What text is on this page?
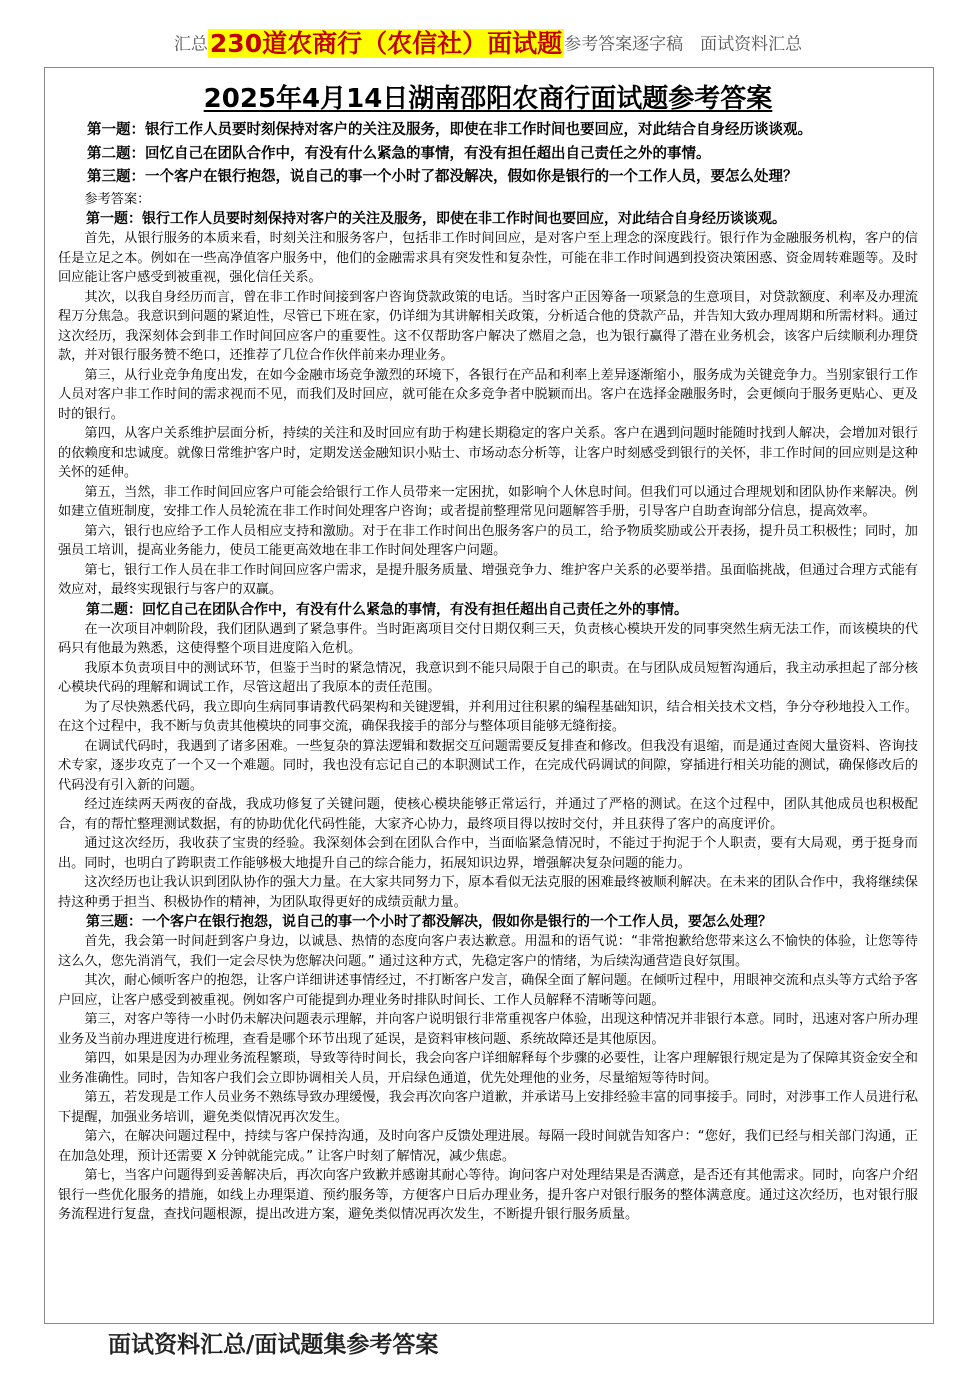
汇总230道农商行（农信社）面试题 参考答案逐字稿　面试资料汇总
2025年4月14日湖南邵阳农商行面试题参考答案

第一题：银行工作人员要时刻保持对客户的关注及服务，即使在非工作时间也要回应，对此结合自身经历谈谈观。

第二题：回忆自己在团队合作中，有没有什么紧急的事情，有没有担任超出自己责任之外的事情。

第三题：一个客户在银行抱怨，说自己的事一个小时了都没解决，假如你是银行的一个工作人员，要怎么处理？

参考答案：

第一题：银行工作人员要时刻保持对客户的关注及服务，即使在非工作时间也要回应，对此结合自身经历谈谈观。

首先，从银行服务的本质来看，时刻关注和服务客户，包括非工作时间回应，是对客户至上理念的深度践行。银行作为金融服务机构，客户的信任是立足之本。例如在一些高净值客户服务中，他们的金融需求具有突发性和复杂性，可能在非工作时间遇到投资决策困惑、资金周转难题等。及时回应能让客户感受到被重视，强化信任关系。

其次，以我自身经历而言，曾在非工作时间接到客户咨询贷款政策的电话。当时客户正因筹备一项紧急的生意项目，对贷款额度、利率及办理流程万分焦急。我意识到问题的紧迫性，尽管已下班在家，仍详细为其讲解相关政策，分析适合他的贷款产品，并告知大致办理周期和所需材料。通过这次经历，我深刻体会到非工作时间回应客户的重要性。这不仅帮助客户解决了燃眉之急，也为银行赢得了潜在业务机会，该客户后续顺利办理贷款，并对银行服务赞不绝口，还推荐了几位合作伙伴前来办理业务。

第三，从行业竞争角度出发，在如今金融市场竞争激烈的环境下，各银行在产品和利率上差异逐渐缩小，服务成为关键竞争力。当别家银行工作人员对客户非工作时间的需求视而不见，而我们及时回应，就可能在众多竞争者中脱颖而出。客户在选择金融服务时，会更倾向于服务更贴心、更及时的银行。

第四，从客户关系维护层面分析，持续的关注和及时回应有助于构建长期稳定的客户关系。客户在遇到问题时能随时找到人解决，会增加对银行的依赖度和忠诚度。就像日常维护客户时，定期发送金融知识小贴士、市场动态分析等，让客户时刻感受到银行的关怀，非工作时间的回应则是这种关怀的延伸。

第五，当然，非工作时间回应客户可能会给银行工作人员带来一定困扰，如影响个人休息时间。但我们可以通过合理规划和团队协作来解决。例如建立值班制度，安排工作人员轮流在非工作时间处理客户咨询；或者提前整理常见问题解答手册，引导客户自助查询部分信息，提高效率。

第六，银行也应给予工作人员相应支持和激励。对于在非工作时间出色服务客户的员工，给予物质奖励或公开表扬，提升员工积极性；同时，加强员工培训，提高业务能力，使员工能更高效地在非工作时间处理客户问题。

第七，银行工作人员在非工作时间回应客户需求，是提升服务质量、增强竞争力、维护客户关系的必要举措。虽面临挑战，但通过合理方式能有效应对，最终实现银行与客户的双赢。

第二题：回忆自己在团队合作中，有没有什么紧急的事情，有没有担任超出自己责任之外的事情。

在一次项目冲刺阶段，我们团队遇到了紧急事件。当时距离项目交付日期仅剩三天，负责核心模块开发的同事突然生病无法工作，而该模块的代码只有他最为熟悉，这使得整个项目进度陷入危机。

我原本负责项目中的测试环节，但鉴于当时的紧急情况，我意识到不能只局限于自己的职责。在与团队成员短暂沟通后，我主动承担起了部分核心模块代码的理解和调试工作，尽管这超出了我原本的责任范围。

为了尽快熟悉代码，我立即向生病同事请教代码架构和关键逻辑，并利用过往积累的编程基础知识，结合相关技术文档，争分夺秒地投入工作。在这个过程中，我不断与负责其他模块的同事交流，确保我接手的部分与整体项目能够无缝衔接。

在调试代码时，我遇到了诸多困难。一些复杂的算法逻辑和数据交互问题需要反复排查和修改。但我没有退缩，而是通过查阅大量资料、咨询技术专家，逐步攻克了一个又一个难题。同时，我也没有忘记自己的本职测试工作，在完成代码调试的间隙，穿插进行相关功能的测试，确保修改后的代码没有引入新的问题。

经过连续两天两夜的奋战，我成功修复了关键问题，使核心模块能够正常运行，并通过了严格的测试。在这个过程中，团队其他成员也积极配合，有的帮忙整理测试数据，有的协助优化代码性能，大家齐心协力，最终项目得以按时交付，并且获得了客户的高度评价。

通过这次经历，我收获了宝贵的经验。我深刻体会到在团队合作中，当面临紧急情况时，不能过于拘泥于个人职责，要有大局观，勇于挺身而出。同时，也明白了跨职责工作能够极大地提升自己的综合能力，拓展知识边界，增强解决复杂问题的能力。

这次经历也让我认识到团队协作的强大力量。在大家共同努力下，原本看似无法克服的困难最终被顺利解决。在未来的团队合作中，我将继续保持这种勇于担当、积极协作的精神，为团队取得更好的成绩贡献力量。

第三题：一个客户在银行抱怨，说自己的事一个小时了都没解决，假如你是银行的一个工作人员，要怎么处理？

首先，我会第一时间赶到客户身边，以诚恳、热情的态度向客户表达歉意。用温和的语气说：“非常抱歉给您带来这么不愉快的体验，让您等待这么久，您先消消气，我们一定会尽快为您解决问题。” 通过这种方式，先稳定客户的情绪，为后续沟通营造良好氛围。

其次，耐心倾听客户的抱怨，让客户详细讲述事情经过，不打断客户发言，确保全面了解问题。在倾听过程中，用眼神交流和点头等方式给予客户回应，让客户感受到被重视。例如客户可能提到办理业务时排队时间长、工作人员解释不清晰等问题。

第三，对客户等待一小时仍未解决问题表示理解，并向客户说明银行非常重视客户体验，出现这种情况并非银行本意。同时，迅速对客户所办理业务及当前办理进度进行梳理，查看是哪个环节出现了延误，是资料审核问题、系统故障还是其他原因。

第四，如果是因为办理业务流程繁琐，导致等待时间长，我会向客户详细解释每个步骤的必要性，让客户理解银行规定是为了保障其资金安全和业务准确性。同时，告知客户我们会立即协调相关人员，开启绿色通道，优先处理他的业务，尽量缩短等待时间。

第五，若发现是工作人员业务不熟练导致办理缓慢，我会再次向客户道歉，并承诺马上安排经验丰富的同事接手。同时，对涉事工作人员进行私下提醒，加强业务培训，避免类似情况再次发生。

第六，在解决问题过程中，持续与客户保持沟通，及时向客户反馈处理进展。每隔一段时间就告知客户：“您好，我们已经与相关部门沟通，正在加急处理，预计还需要 X 分钟就能完成。” 让客户时刻了解情况，减少焦虑。

第七，当客户问题得到妥善解决后，再次向客户致歉并感谢其耐心等待。询问客户对处理结果是否满意，是否还有其他需求。同时，向客户介绍银行一些优化服务的措施，如线上办理渠道、预约服务等，方便客户日后办理业务，提升客户对银行服务的整体满意度。通过这次经历，也对银行服务流程进行复盘，查找问题根源，提出改进方案，避免类似情况再次发生，不断提升银行服务质量。

面试资料汇总/面试题集参考答案
